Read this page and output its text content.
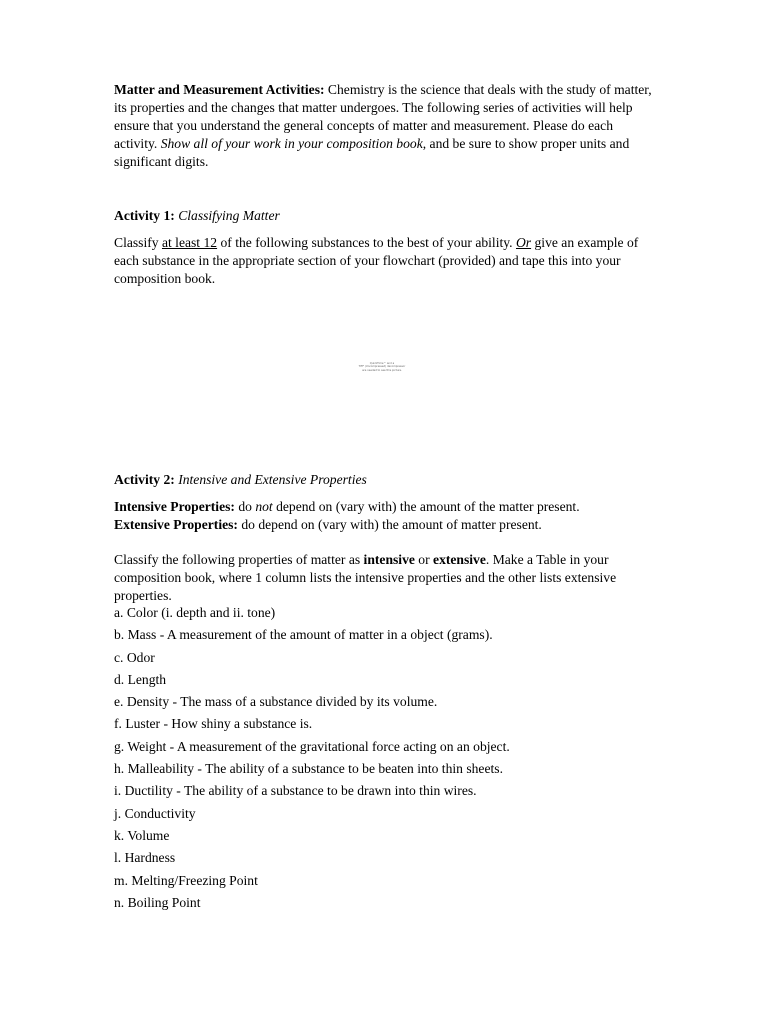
Matter and Measurement Activities: Chemistry is the science that deals with the study of matter, its properties and the changes that matter undergoes. The following series of activities will help ensure that you understand the general concepts of matter and measurement. Please do each activity. Show all of your work in your composition book, and be sure to show proper units and significant digits.

Activity 1: Classifying Matter

Classify at least 12 of the following substances to the best of your ability. Or give an example of each substance in the appropriate section of your flowchart (provided) and tape this into your composition book.

QuickTime™ and a
TIFF (Uncompressed) decompressor
are needed to see this picture.

Activity 2: Intensive and Extensive Properties

Intensive Properties: do not depend on (vary with) the amount of the matter present.

Extensive Properties: do depend on (vary with) the amount of matter present.

Classify the following properties of matter as intensive or extensive. Make a Table in your composition book, where 1 column lists the intensive properties and the other lists extensive properties.

a. Color (i. depth and ii. tone)
b. Mass - A measurement of the amount of matter in a object (grams).
c. Odor
d. Length
e. Density - The mass of a substance divided by its volume.
f. Luster - How shiny a substance is.
g. Weight - A measurement of the gravitational force acting on an object.
h. Malleability - The ability of a substance to be beaten into thin sheets.
i. Ductility - The ability of a substance to be drawn into thin wires.
j. Conductivity
k. Volume
l. Hardness
m. Melting/Freezing Point
n. Boiling Point
